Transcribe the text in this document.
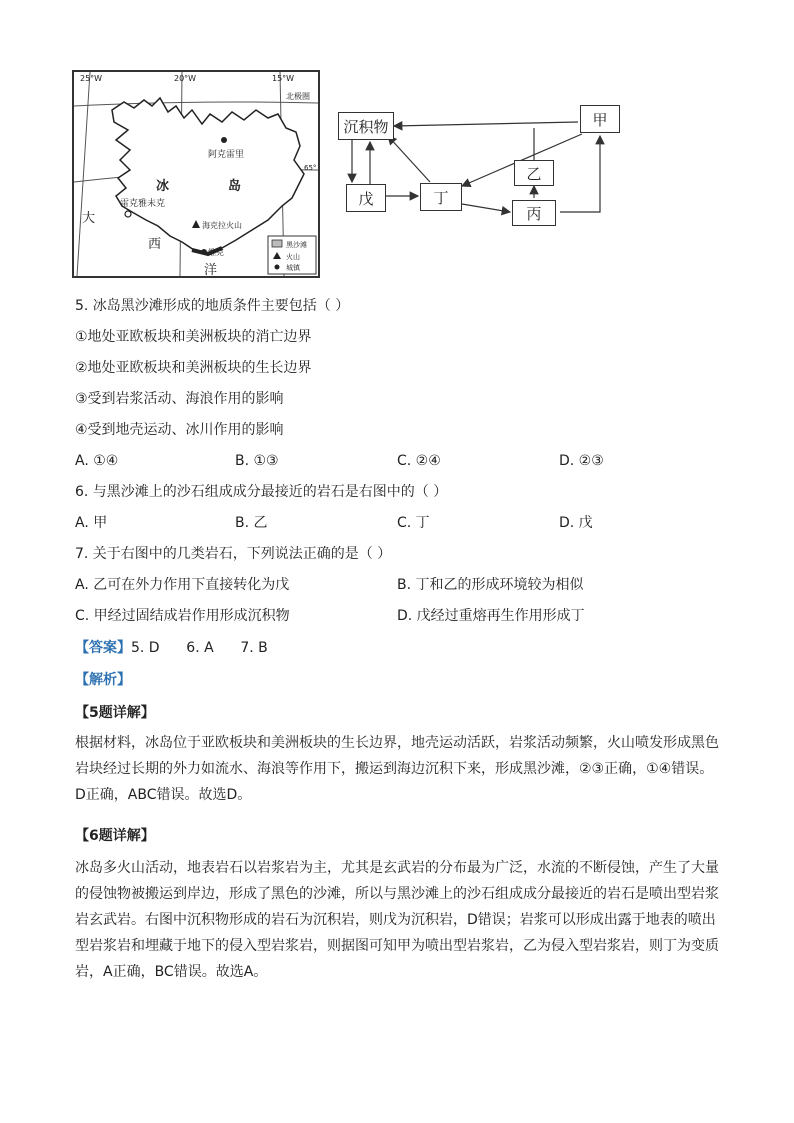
25°W	20°W	15°W
北极圈
65°
阿克雷里
雷克雅未克
海克拉火山
维克
冰	岛
大
西
洋
黑沙滩
火山
城镇
沉积物	甲
乙
丙
丁
戊
5. 冰岛黑沙滩形成的地质条件主要包括（ ）
①地处亚欧板块和美洲板块的消亡边界
②地处亚欧板块和美洲板块的生长边界
③受到岩浆活动、海浪作用的影响
④受到地壳运动、冰川作用的影响
A. ①④	B. ①③	C. ②④	D. ②③
6. 与黑沙滩上的沙石组成成分最接近的岩石是右图中的（ ）
A. 甲	B. 乙	C. 丁	D. 戊
7. 关于右图中的几类岩石，下列说法正确的是（ ）
A. 乙可在外力作用下直接转化为戊	B. 丁和乙的形成环境较为相似
C. 甲经过固结成岩作用形成沉积物	D. 戊经过重熔再生作用形成丁
【答案】5. D      6. A      7. B
【解析】
【5题详解】
根据材料，冰岛位于亚欧板块和美洲板块的生长边界，地壳运动活跃，岩浆活动频繁，火山喷发形成黑色岩块经过长期的外力如流水、海浪等作用下，搬运到海边沉积下来，形成黑沙滩，②③正确，①④错误。D正确，ABC错误。故选D。
【6题详解】
冰岛多火山活动，地表岩石以岩浆岩为主，尤其是玄武岩的分布最为广泛，水流的不断侵蚀，产生了大量的侵蚀物被搬运到岸边，形成了黑色的沙滩，所以与黑沙滩上的沙石组成成分最接近的岩石是喷出型岩浆岩玄武岩。右图中沉积物形成的岩石为沉积岩，则戊为沉积岩，D错误；岩浆可以形成出露于地表的喷出型岩浆岩和埋藏于地下的侵入型岩浆岩，则据图可知甲为喷出型岩浆岩，乙为侵入型岩浆岩，则丁为变质岩，A正确，BC错误。故选A。
